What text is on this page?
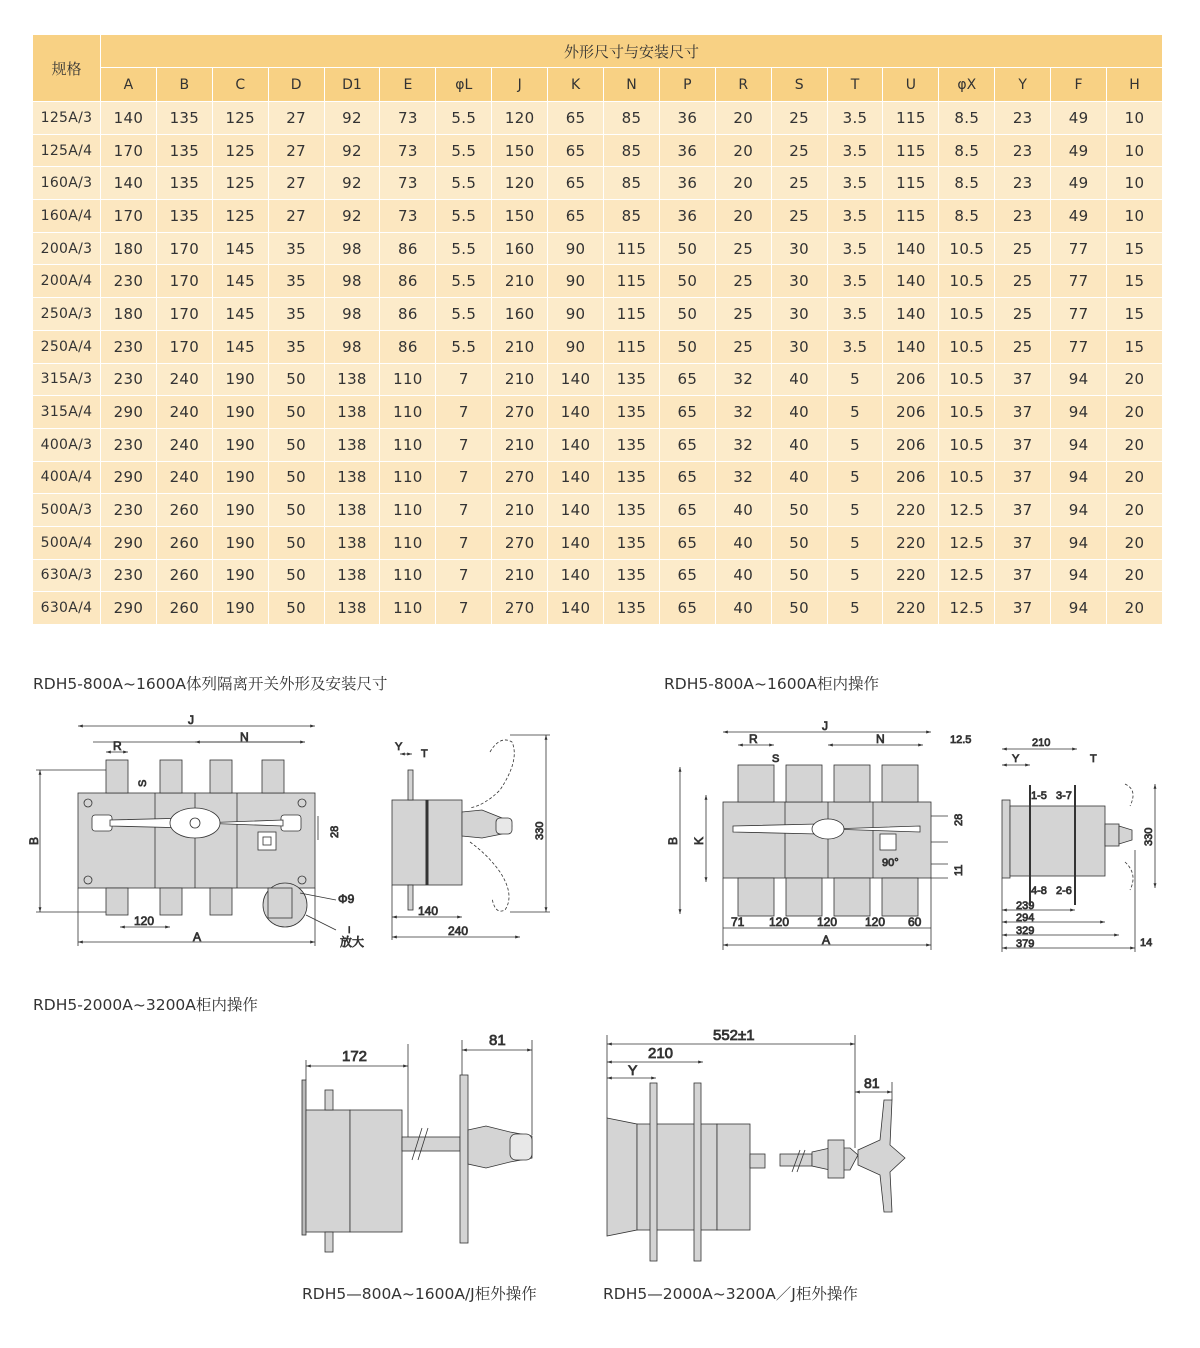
规格	外形尺寸与安装尺寸																		
	A	B	C	D	D1	E	φL	J	K	N	P	R	S	T	U	φX	Y	F	H
125A/3	140	135	125	27	92	73	5.5	120	65	85	36	20	25	3.5	115	8.5	23	49	10
125A/4	170	135	125	27	92	73	5.5	150	65	85	36	20	25	3.5	115	8.5	23	49	10
160A/3	140	135	125	27	92	73	5.5	120	65	85	36	20	25	3.5	115	8.5	23	49	10
160A/4	170	135	125	27	92	73	5.5	150	65	85	36	20	25	3.5	115	8.5	23	49	10
200A/3	180	170	145	35	98	86	5.5	160	90	115	50	25	30	3.5	140	10.5	25	77	15
200A/4	230	170	145	35	98	86	5.5	210	90	115	50	25	30	3.5	140	10.5	25	77	15
250A/3	180	170	145	35	98	86	5.5	160	90	115	50	25	30	3.5	140	10.5	25	77	15
250A/4	230	170	145	35	98	86	5.5	210	90	115	50	25	30	3.5	140	10.5	25	77	15
315A/3	230	240	190	50	138	110	7	210	140	135	65	32	40	5	206	10.5	37	94	20
315A/4	290	240	190	50	138	110	7	270	140	135	65	32	40	5	206	10.5	37	94	20
400A/3	230	240	190	50	138	110	7	210	140	135	65	32	40	5	206	10.5	37	94	20
400A/4	290	240	190	50	138	110	7	270	140	135	65	32	40	5	206	10.5	37	94	20
500A/3	230	260	190	50	138	110	7	210	140	135	65	40	50	5	220	12.5	37	94	20
500A/4	290	260	190	50	138	110	7	270	140	135	65	40	50	5	220	12.5	37	94	20
630A/3	230	260	190	50	138	110	7	210	140	135	65	40	50	5	220	12.5	37	94	20
630A/4	290	260	190	50	138	110	7	270	140	135	65	40	50	5	220	12.5	37	94	20
RDH5-800A~1600A体列隔离开关外形及安装尺寸	RDH5-800A~1600A柜内操作
RDH5-2000A~3200A柜内操作
RDH5—800A~1600A/J柜外操作	RDH5—2000A~3200A／J柜外操作
J
N
R
S
B
28
Φ9
120
A	I
放大
Y
T
330
140
240
J
N
R
S
12.5
B K
28
11
90°
71 120 120 120 60
A
210
Y	T
1-5 3-7
4-8 2-6
330
239
294
329
379	14
172
81	552±1
210
Y
81
